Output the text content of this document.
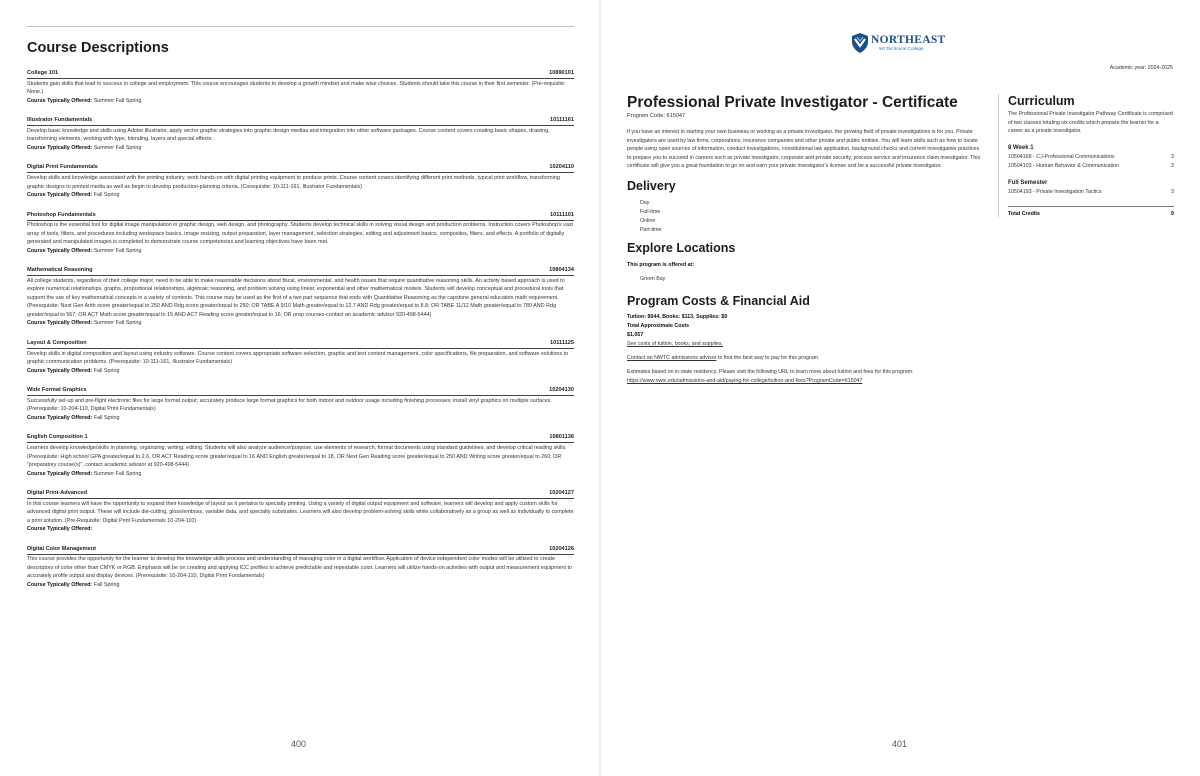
Course Descriptions
College 101	10890101
Students gain skills that lead to success in college and employment. This course encourages students to develop a growth mindset and make wise choices. Students should take this course in their first semester. (Pre-requisite: None.)
Course Typically Offered: Summer Fall Spring
Illustrator Fundamentals	10111161
Develop basic knowledge and skills using Adobe Illustrator, apply vector graphic strategies into graphic design medias and integration into other software packages. Course content covers creating basic shapes, drawing, transforming elements, working with type, blending, layers and special effects.
Course Typically Offered: Summer Fall Spring
Digital Print Fundamentals	10204110
Develop skills and knowledge associated with the printing industry, work hands-on with digital printing equipment to produce prints. Course content covers identifying different print methods, typical print workflow, transforming graphic designs to printed media as well as begin to develop production-planning criteria. (Corequisite: 10-111-161, Illustrator Fundamentals)
Course Typically Offered: Fall Spring
Photoshop Fundamentals	10111101
Photoshop is the essential tool for digital image manipulation in graphic design, web design, and photography. Students develop technical skills in solving visual design and production problems. Instruction covers Photoshop's vast array of tools, filters, and procedures including workspace basics, image resizing, output preparation, layer management, selection strategies, editing and adjustment basics, composites, filters, and effects. A portfolio of digitally generated and manipulated images is completed to demonstrate course competencies and learning objectives have been met.
Course Typically Offered: Summer Fall Spring
Mathematical Reasoning	10804134
All college students, regardless of their college major, need to be able to make reasonable decisions about fiscal, environmental, and health issues that require quantitative reasoning skills. An activity based approach is used to explore numerical relationships, graphs, proportional relationships, algebraic reasoning, and problem solving using linear, exponential and other mathematical models. Students will develop conceptual and procedural tools that support the use of key mathematical concepts in a variety of contexts. This course may be used as the first of a two part sequence that ends with Quantitative Reasoning as the capstone general education math requirement. (Prerequisite: Next Gen Arith score greater/equal to 250 AND Rdg score greater/equal to 250; OR TABE A 9/10 Math greater/equal to 12.7 AND Rdg greater/equal to 8.8; OR TABE 11/12 Math greater/equal to 780 AND Rdg greater/equal to 567; OR ACT Math score greater/equal to 15 AND ACT Reading score greater/equal to 16; OR prep courses-contact an academic advisor 920-498-5444)
Course Typically Offered: Summer Fall Spring
Layout & Composition	10111125
Develop skills in digital composition and layout using industry software. Course content covers appropriate software selection, graphic and text content management, color specifications, file preparation, and software solutions to graphic communication problems. (Prerequisite: 10-111-161, Illustrator Fundamentals)
Course Typically Offered: Fall Spring
Wide Format Graphics	10204130
Successfully set-up and pre-flight electronic files for large format output; accurately produce large format graphics for both indoor and outdoor usage including finishing processes; install vinyl graphics on multiple surfaces. (Prerequisite: 10-204-110, Digital Print Fundamentals)
Course Typically Offered: Fall Spring
English Composition 1	10801136
Learners develop knowledge/skills in planning, organizing, writing, editing. Students will also analyze audience/purpose, use elements of research, format documents using standard guidelines, and develop critical reading skills. (Prerequisite: High school GPA greater/equal to 2.6, OR ACT Reading score greater/equal to 16 AND English greater/equal to 18, OR Next Gen Reading score greater/equal to 250 AND Writing score greater/equal to 260; OR "preparatory course(s)", contact academic advisor at 920-498-5444)
Course Typically Offered: Summer Fall Spring
Digital Print-Advanced	10204127
In this course learners will have the opportunity to expand their knowledge of layout as it pertains to specialty printing. Using a variety of digital output equipment and software, learners will develop and apply custom skills for advanced digital print output. These will include die-cutting, gloss/emboss, variable data, and specialty substrates. Learners will also develop problem-solving skills while collaboratively as a group as well as individually to complete a print solution. (Pre-Requisite: Digital Print Fundamentals 10-204-110)
Course Typically Offered:
Digital Color Management	10204126
This course provides the opportunity for the learner to develop the knowledge skills process and understanding of managing color in a digital workflow. Application of device independent color modes will be utilized to create descriptors of color other than CMYK or RGB. Emphasis will be on creating and applying ICC profiles to achieve predictable and repeatable color. Learners will utilize hands-on activities with output and measurement equipment to accurately profile output and display devices. (Prerequisite: 10-204-110, Digital Print Fundamentals)
Course Typically Offered: Fall Spring
400
NORTHEAST
WI Technical College
Academic year: 2024-2025
Professional Private Investigator - Certificate
Program Code: 615047
If you have an interest in starting your own business or working as a private investigator, the growing field of private investigations is for you. Private investigators are used by law firms, corporations, insurance companies and other private and public entities. You will learn skills such as how to locate people using open sources of information, conduct investigations, constitutional law application, background checks and current investigative practices to prepare you to succeed in careers such as private investigator, corporate and private security, process service and insurance claim investigator. This certificate will give you a great foundation to go on and earn your private investigator's license and be a successful private investigator.
Delivery
Day
Full-time
Online
Part-time
Explore Locations
This program is offered at:
Green Bay
Program Costs & Financial Aid
Tuition: $944, Books: $113, Supplies: $0
Total Approximate Costs
$1,057
See costs of tuition, books, and supplies.
Contact an NWTC admissions advisor to find the best way to pay for this program.
Estimates based on in-state residency. Please visit the following URL to learn more about tuition and fees for this program.
https://www.nwtc.edu/admissions-and-aid/paying-for-college/tuition-and-fees?ProgramCode=615047
Curriculum
The Professional Private Investigator Pathway Certificate is comprised of two classes totaling six credits which prepare the learner for a career as a private investigator.
8 Week 1
10504168 - CJ-Professional Communications	3
10504103 - Human Behavior & Communication	3
Full Semester
10504193 - Private Investigation Tactics	3
Total Credits	9
401
